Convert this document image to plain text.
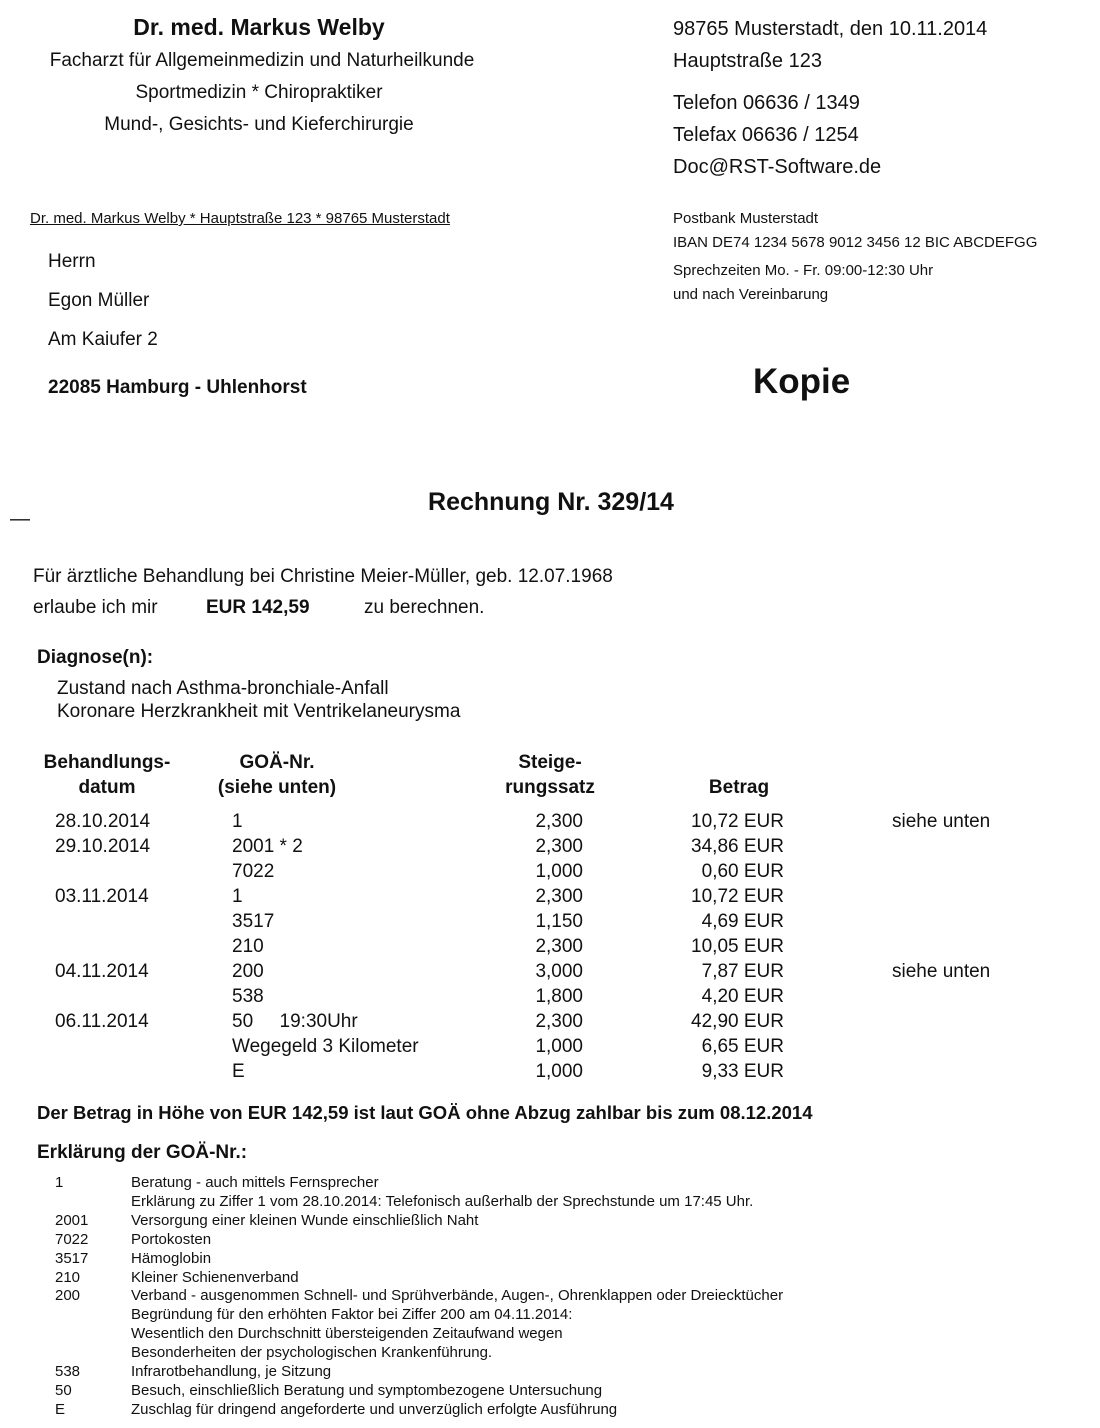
Dr. med. Markus Welby
Facharzt für Allgemeinmedizin und Naturheilkunde
Sportmedizin * Chiropraktiker
Mund-, Gesichts- und Kieferchirurgie
98765 Musterstadt, den 10.11.2014
Hauptstraße 123
Telefon 06636 / 1349
Telefax 06636 / 1254
Doc@RST-Software.de
Dr. med. Markus Welby * Hauptstraße 123 * 98765 Musterstadt	Postbank Musterstadt
IBAN DE74 1234 5678 9012 3456 12 BIC ABCDEFGG
Sprechzeiten Mo. - Fr. 09:00-12:30 Uhr
und nach Vereinbarung
Herrn
Egon Müller
Am Kaiufer 2
22085 Hamburg - Uhlenhorst	Kopie
—
Rechnung Nr. 329/14
Für ärztliche Behandlung bei Christine Meier-Müller, geb. 12.07.1968
erlaube ich mir	EUR 142,59	zu berechnen.
Diagnose(n):
Zustand nach Asthma-bronchiale-Anfall
Koronare Herzkrankheit mit Ventrikelaneurysma
Behandlungs-
datum
GOÄ-Nr.
(siehe unten)
Steige-
rungssatz	Betrag
28.10.2014	1	2,300	10,72 EUR	siehe unten
29.10.2014	2001 * 2	2,300	34,86 EUR
7022	1,000	0,60 EUR
03.11.2014	1	2,300	10,72 EUR
3517	1,150	4,69 EUR
210	2,300	10,05 EUR
04.11.2014	200	3,000	7,87 EUR	siehe unten
538	1,800	4,20 EUR
06.11.2014	50     19:30Uhr	2,300	42,90 EUR
Wegegeld 3 Kilometer	1,000	6,65 EUR
E	1,000	9,33 EUR
Der Betrag in Höhe von EUR 142,59 ist laut GOÄ ohne Abzug zahlbar bis zum 08.12.2014
Erklärung der GOÄ-Nr.:
1	Beratung - auch mittels Fernsprecher
Erklärung zu Ziffer 1 vom 28.10.2014: Telefonisch außerhalb der Sprechstunde um 17:45 Uhr.
2001	Versorgung einer kleinen Wunde einschließlich Naht
7022	Portokosten
3517	Hämoglobin
210	Kleiner Schienenverband
200	Verband - ausgenommen Schnell- und Sprühverbände, Augen-, Ohrenklappen oder Dreiecktücher
Begründung für den erhöhten Faktor bei Ziffer 200 am 04.11.2014:
Wesentlich den Durchschnitt übersteigenden Zeitaufwand wegen
Besonderheiten der psychologischen Krankenführung.
538	Infrarotbehandlung, je Sitzung
50	Besuch, einschließlich Beratung und symptombezogene Untersuchung
E	Zuschlag für dringend angeforderte und unverzüglich erfolgte Ausführung
